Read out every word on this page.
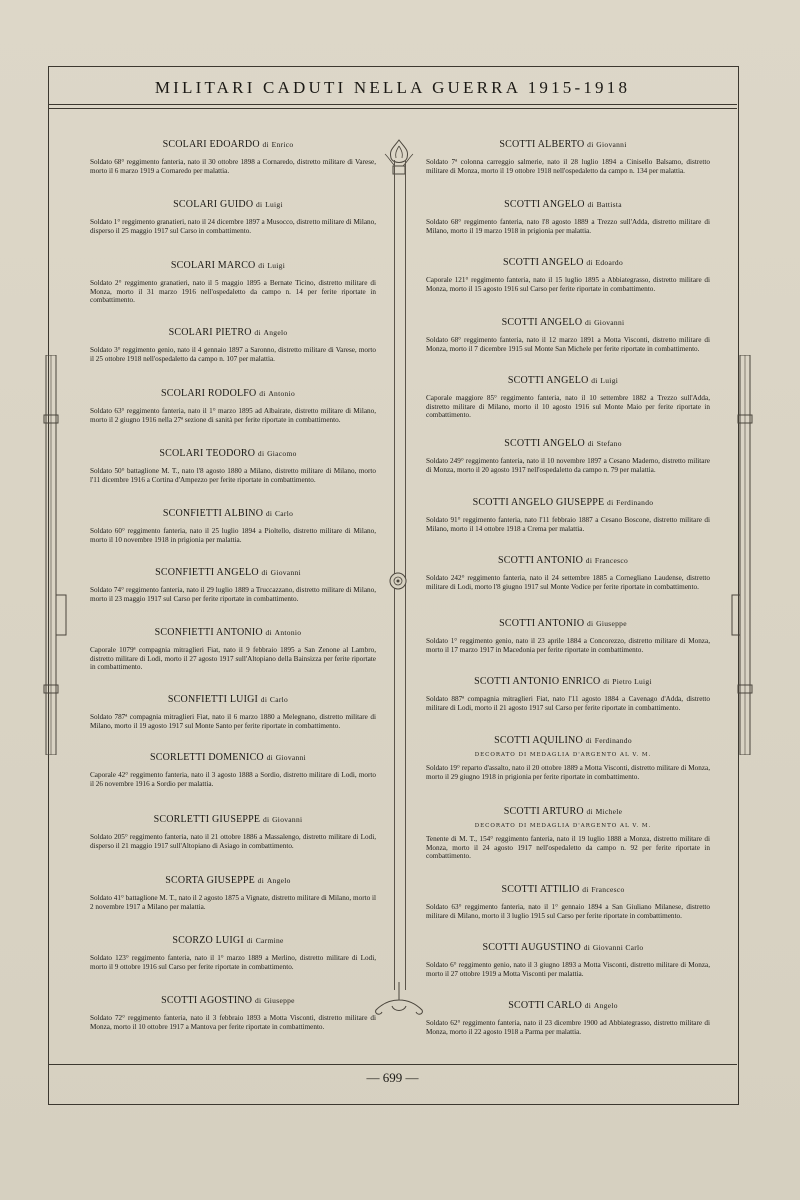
MILITARI CADUTI NELLA GUERRA 1915-1918
SCOLARI EDOARDO di Enrico
Soldato 68° reggimento fanteria, nato il 30 ottobre 1898 a Cornaredo, distretto militare di Varese, morto il 6 marzo 1919 a Cornaredo per malattia.
SCOLARI GUIDO di Luigi
Soldato 1° reggimento granatieri, nato il 24 dicembre 1897 a Musocco, distretto militare di Milano, disperso il 25 maggio 1917 sul Carso in combattimento.
SCOLARI MARCO di Luigi
Soldato 2° reggimento granatieri, nato il 5 maggio 1895 a Bernate Ticino, distretto militare di Monza, morto il 31 marzo 1916 nell'ospedaletto da campo n. 14 per ferite riportate in combattimento.
SCOLARI PIETRO di Angelo
Soldato 3° reggimento genio, nato il 4 gennaio 1897 a Saronno, distretto militare di Varese, morto il 25 ottobre 1918 nell'ospedaletto da campo n. 107 per malattia.
SCOLARI RODOLFO di Antonio
Soldato 63° reggimento fanteria, nato il 1° marzo 1895 ad Albairate, distretto militare di Milano, morto il 2 giugno 1916 nella 27ª sezione di sanità per ferite riportate in combattimento.
SCOLARI TEODORO di Giacomo
Soldato 50° battaglione M. T., nato l'8 agosto 1880 a Milano, distretto militare di Milano, morto l'11 dicembre 1916 a Cortina d'Ampezzo per ferite riportate in combattimento.
SCONFIETTI ALBINO di Carlo
Soldato 60° reggimento fanteria, nato il 25 luglio 1894 a Pioltello, distretto militare di Milano, morto il 10 novembre 1918 in prigionia per malattia.
SCONFIETTI ANGELO di Giovanni
Soldato 74° reggimento fanteria, nato il 29 luglio 1889 a Truccazzano, distretto militare di Milano, morto il 23 maggio 1917 sul Carso per ferite riportate in combattimento.
SCONFIETTI ANTONIO di Antonio
Caporale 1079ª compagnia mitraglieri Fiat, nato il 9 febbraio 1895 a San Zenone al Lambro, distretto militare di Lodi, morto il 27 agosto 1917 sull'Altopiano della Bainsizza per ferite riportate in combattimento.
SCONFIETTI LUIGI di Carlo
Soldato 787ª compagnia mitraglieri Fiat, nato il 6 marzo 1880 a Melegnano, distretto militare di Milano, morto il 19 agosto 1917 sul Monte Santo per ferite riportate in combattimento.
SCORLETTI DOMENICO di Giovanni
Caporale 42° reggimento fanteria, nato il 3 agosto 1888 a Sordio, distretto militare di Lodi, morto il 26 novembre 1916 a Sordio per malattia.
SCORLETTI GIUSEPPE di Giovanni
Soldato 205° reggimento fanteria, nato il 21 ottobre 1886 a Massalengo, distretto militare di Lodi, disperso il 21 maggio 1917 sull'Altopiano di Asiago in combattimento.
SCORTA GIUSEPPE di Angelo
Soldato 41° battaglione M. T., nato il 2 agosto 1875 a Vignate, distretto militare di Milano, morto il 2 novembre 1917 a Milano per malattia.
SCORZO LUIGI di Carmine
Soldato 123° reggimento fanteria, nato il 1° marzo 1889 a Merlino, distretto militare di Lodi, morto il 9 ottobre 1916 sul Carso per ferite riportate in combattimento.
SCOTTI AGOSTINO di Giuseppe
Soldato 72° reggimento fanteria, nato il 3 febbraio 1893 a Motta Visconti, distretto militare di Monza, morto il 10 ottobre 1917 a Mantova per ferite riportate in combattimento.
SCOTTI ALBERTO di Giovanni
Soldato 7ª colonna carreggio salmerie, nato il 28 luglio 1894 a Cinisello Balsamo, distretto militare di Monza, morto il 19 ottobre 1918 nell'ospedaletto da campo n. 134 per malattia.
SCOTTI ANGELO di Battista
Soldato 68° reggimento fanteria, nato l'8 agosto 1889 a Trezzo sull'Adda, distretto militare di Milano, morto il 19 marzo 1918 in prigionia per malattia.
SCOTTI ANGELO di Edoardo
Caporale 121° reggimento fanteria, nato il 15 luglio 1895 a Abbiategrasso, distretto militare di Monza, morto il 15 agosto 1916 sul Carso per ferite riportate in combattimento.
SCOTTI ANGELO di Giovanni
Soldato 68° reggimento fanteria, nato il 12 marzo 1891 a Motta Visconti, distretto militare di Monza, morto il 7 dicembre 1915 sul Monte San Michele per ferite riportate in combattimento.
SCOTTI ANGELO di Luigi
Caporale maggiore 85° reggimento fanteria, nato il 10 settembre 1882 a Trezzo sull'Adda, distretto militare di Milano, morto il 10 agosto 1916 sul Monte Maio per ferite riportate in combattimento.
SCOTTI ANGELO di Stefano
Soldato 249° reggimento fanteria, nato il 10 novembre 1897 a Cesano Maderno, distretto militare di Monza, morto il 20 agosto 1917 nell'ospedaletto da campo n. 79 per malattia.
SCOTTI ANGELO GIUSEPPE di Ferdinando
Soldato 91° reggimento fanteria, nato l'11 febbraio 1887 a Cesano Boscone, distretto militare di Milano, morto il 14 ottobre 1918 a Crema per malattia.
SCOTTI ANTONIO di Francesco
Soldato 242° reggimento fanteria, nato il 24 settembre 1885 a Cornegliano Laudense, distretto militare di Lodi, morto l'8 giugno 1917 sul Monte Vodice per ferite riportate in combattimento.
SCOTTI ANTONIO di Giuseppe
Soldato 1° reggimento genio, nato il 23 aprile 1884 a Concorezzo, distretto militare di Monza, morto il 17 marzo 1917 in Macedonia per ferite riportate in combattimento.
SCOTTI ANTONIO ENRICO di Pietro Luigi
Soldato 887ª compagnia mitraglieri Fiat, nato l'11 agosto 1884 a Cavenago d'Adda, distretto militare di Lodi, morto il 21 agosto 1917 sul Carso per ferite riportate in combattimento.
SCOTTI AQUILINO di Ferdinando
DECORATO DI MEDAGLIA D'ARGENTO AL V. M.
Soldato 19° reparto d'assalto, nato il 20 ottobre 1889 a Motta Visconti, distretto militare di Monza, morto il 29 giugno 1918 in prigionia per ferite riportate in combattimento.
SCOTTI ARTURO di Michele
DECORATO DI MEDAGLIA D'ARGENTO AL V. M.
Tenente di M. T., 154° reggimento fanteria, nato il 19 luglio 1888 a Monza, distretto militare di Monza, morto il 24 agosto 1917 nell'ospedaletto da campo n. 92 per ferite riportate in combattimento.
SCOTTI ATTILIO di Francesco
Soldato 63° reggimento fanteria, nato il 1° gennaio 1894 a San Giuliano Milanese, distretto militare di Milano, morto il 3 luglio 1915 sul Carso per ferite riportate in combattimento.
SCOTTI AUGUSTINO di Giovanni Carlo
Soldato 6° reggimento genio, nato il 3 giugno 1893 a Motta Visconti, distretto militare di Monza, morto il 27 ottobre 1919 a Motta Visconti per malattia.
SCOTTI CARLO di Angelo
Soldato 62° reggimento fanteria, nato il 23 dicembre 1900 ad Abbiategrasso, distretto militare di Monza, morto il 22 agosto 1918 a Parma per malattia.
— 699 —
